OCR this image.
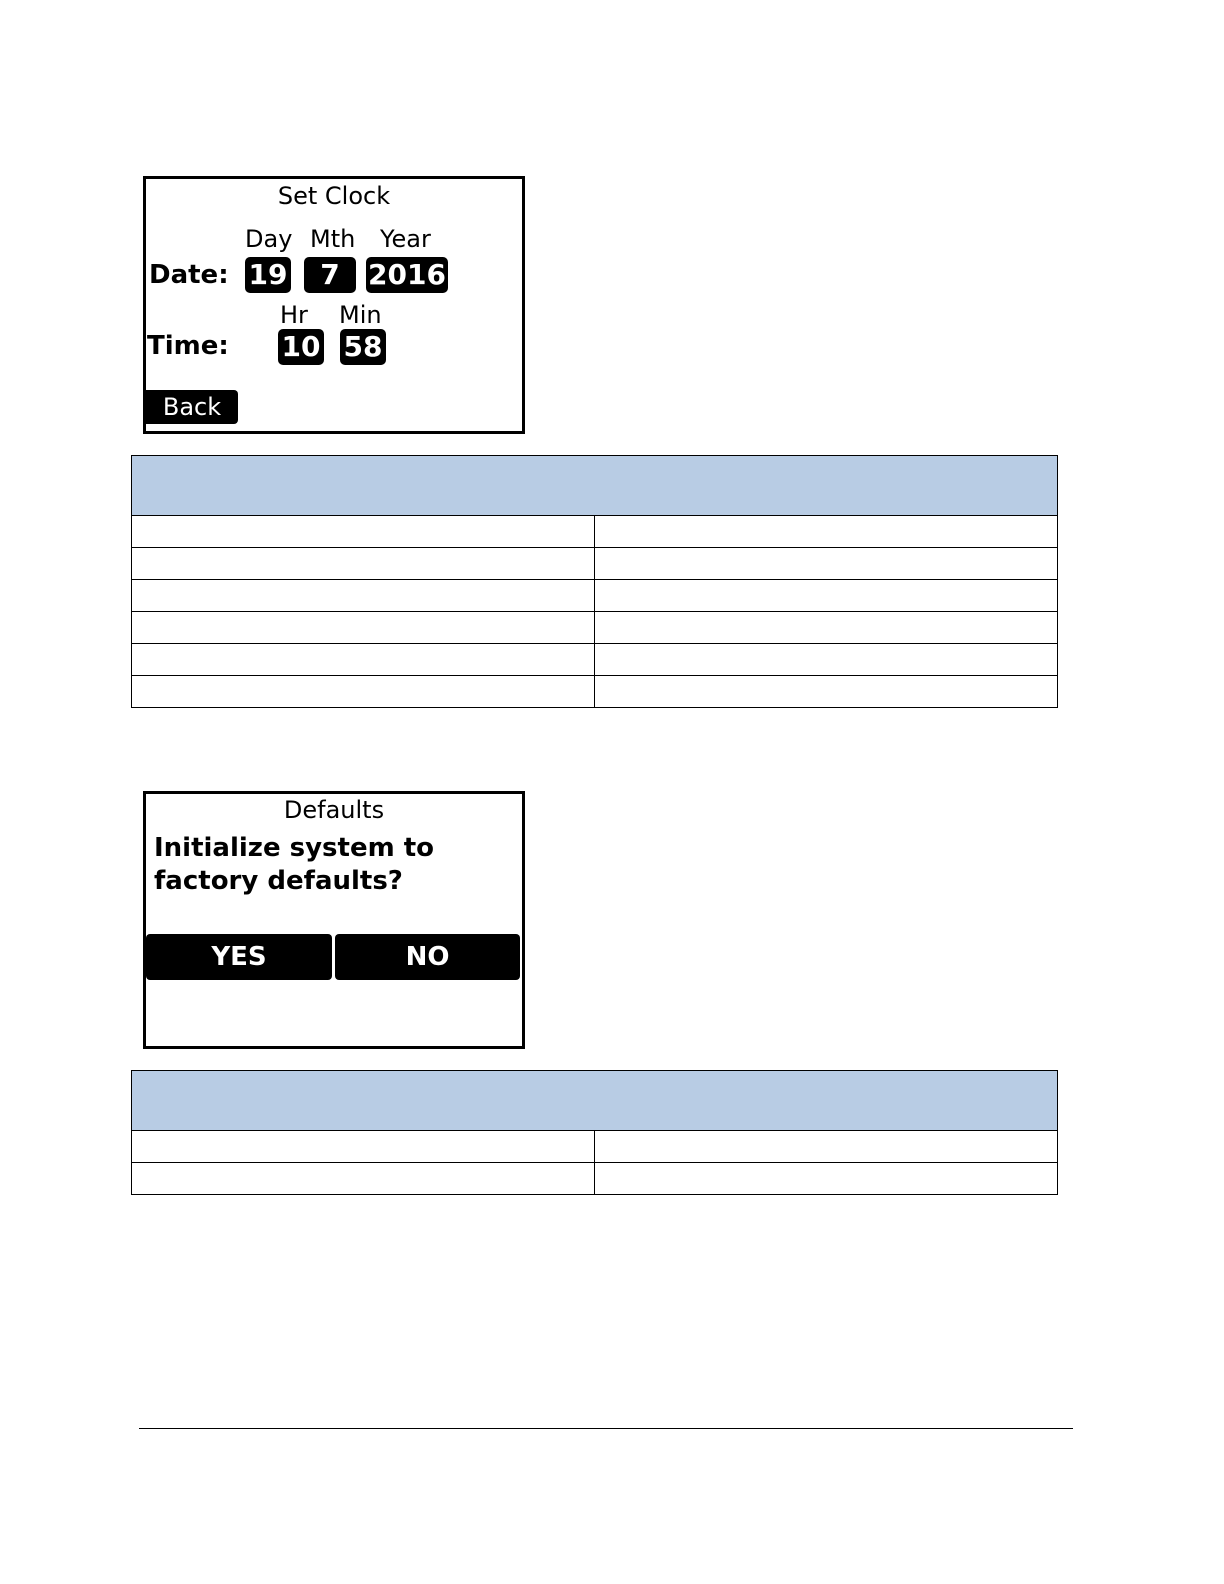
Set Clock
Day Mth Year
Date: 19	7	2016
Hr Min
Time: 10 58
Back

Defaults
Initialize system to factory defaults?
YES	NO
